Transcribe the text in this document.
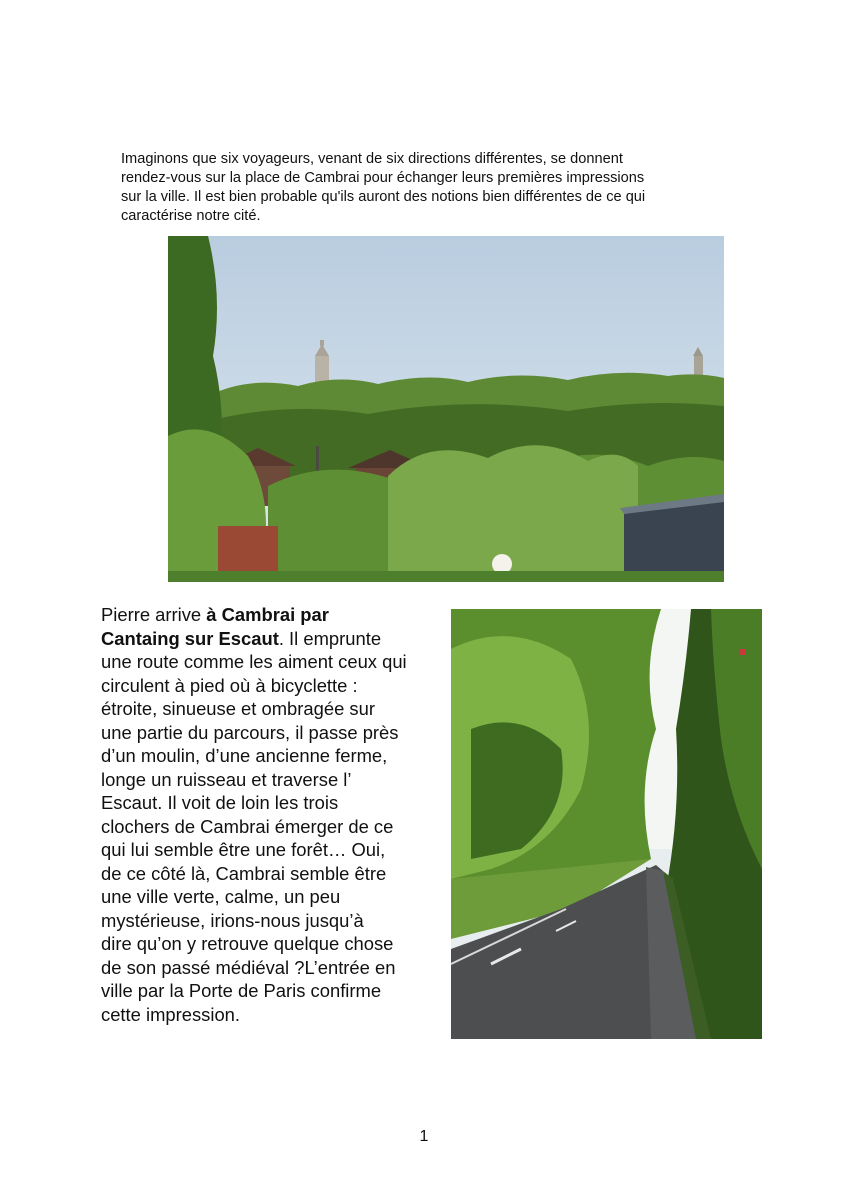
Imaginons que six voyageurs, venant de six directions différentes, se donnent
rendez-vous sur la place de Cambrai pour échanger leurs premières impressions
sur la ville. Il est bien probable qu'ils auront des notions bien différentes de ce qui
caractérise notre cité.

Pierre arrive à Cambrai par
Cantaing sur Escaut. Il emprunte
une route comme les aiment ceux qui
circulent à pied où à bicyclette :
étroite, sinueuse et ombragée sur
une partie du parcours, il passe près
d’un moulin, d’une ancienne ferme,
longe un ruisseau et traverse l’
Escaut. Il voit de loin les trois
clochers de Cambrai émerger de ce
qui lui semble être une forêt… Oui,
de ce côté là, Cambrai semble être
une ville verte, calme, un peu
mystérieuse, irions-nous jusqu’à
dire qu’on y retrouve quelque chose
de son passé médiéval ?L’entrée en
ville par la Porte de Paris confirme
cette impression.

1
